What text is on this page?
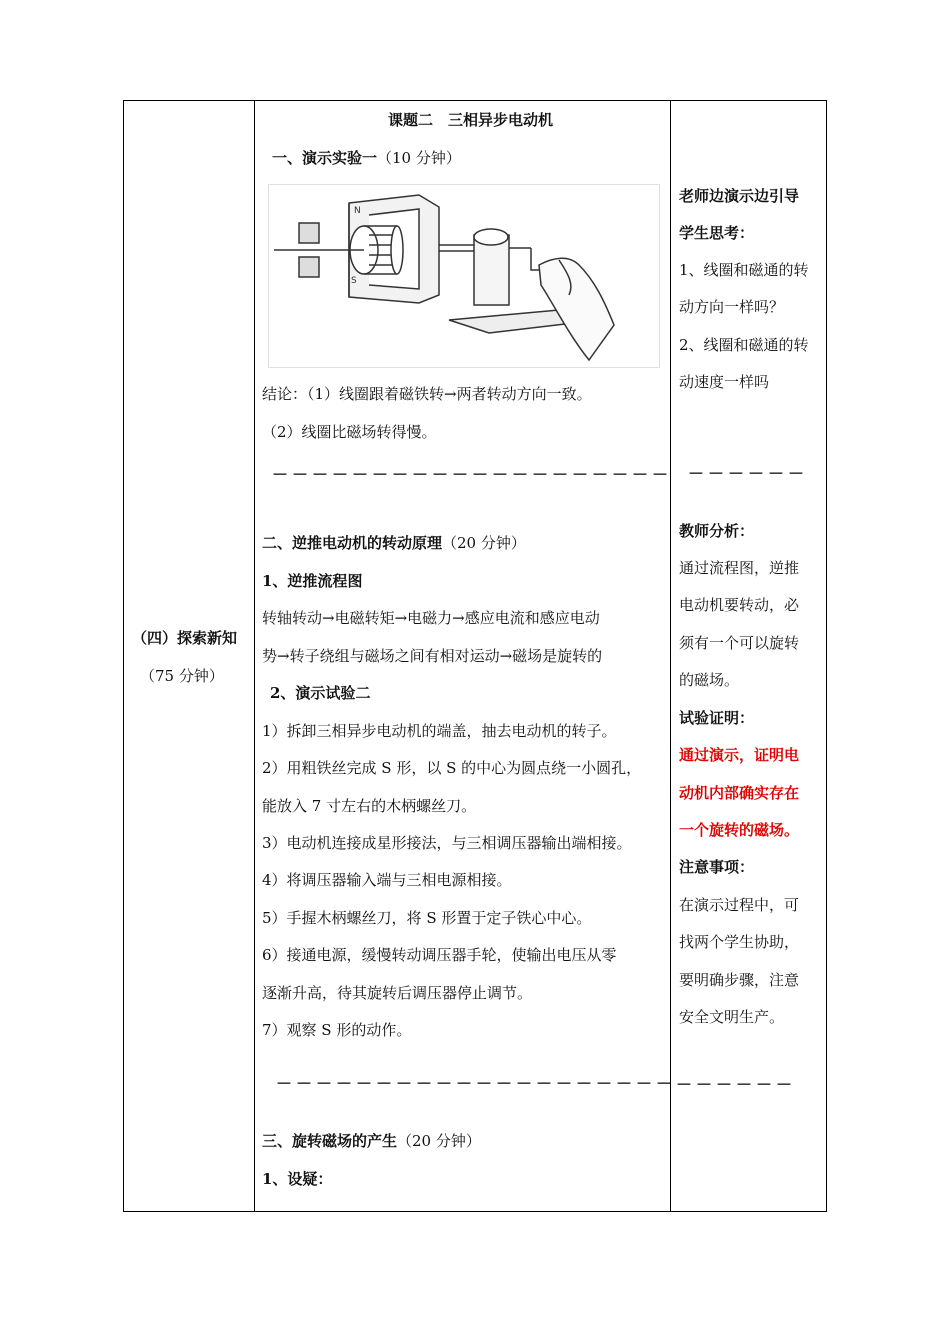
（四）探索新知
（75 分钟）
课题二　三相异步电动机
一、演示实验一（10 分钟）
N
S
结论：（1）线圈跟着磁铁转→两者转动方向一致。
（2）线圈比磁场转得慢。
－－－－－－－－－－－－－－－－－－－－
二、逆推电动机的转动原理（20 分钟）
1、逆推流程图
转轴转动→电磁转矩→电磁力→感应电流和感应电动
势→转子绕组与磁场之间有相对运动→磁场是旋转的
2、演示试验二
1）拆卸三相异步电动机的端盖，抽去电动机的转子。
2）用粗铁丝完成 S 形，以 S 的中心为圆点绕一小圆孔，
能放入 7 寸左右的木柄螺丝刀。
3）电动机连接成星形接法，与三相调压器输出端相接。
4）将调压器输入端与三相电源相接。
5）手握木柄螺丝刀，将 S 形置于定子铁心中心。
6）接通电源，缓慢转动调压器手轮，使输出电压从零
逐渐升高，待其旋转后调压器停止调节。
7）观察 S 形的动作。
－－－－－－－－－－－－－－－－－－－－
三、旋转磁场的产生（20 分钟）
1、设疑：
老师边演示边引导
学生思考：
1、线圈和磁通的转
动方向一样吗？
2、线圈和磁通的转
动速度一样吗
－－－－－－
教师分析：
通过流程图，逆推
电动机要转动，必
须有一个可以旋转
的磁场。
试验证明：
通过演示，证明电
动机内部确实存在
一个旋转的磁场。
注意事项：
在演示过程中，可
找两个学生协助，
要明确步骤，注意
安全文明生产。
－－－－－－
